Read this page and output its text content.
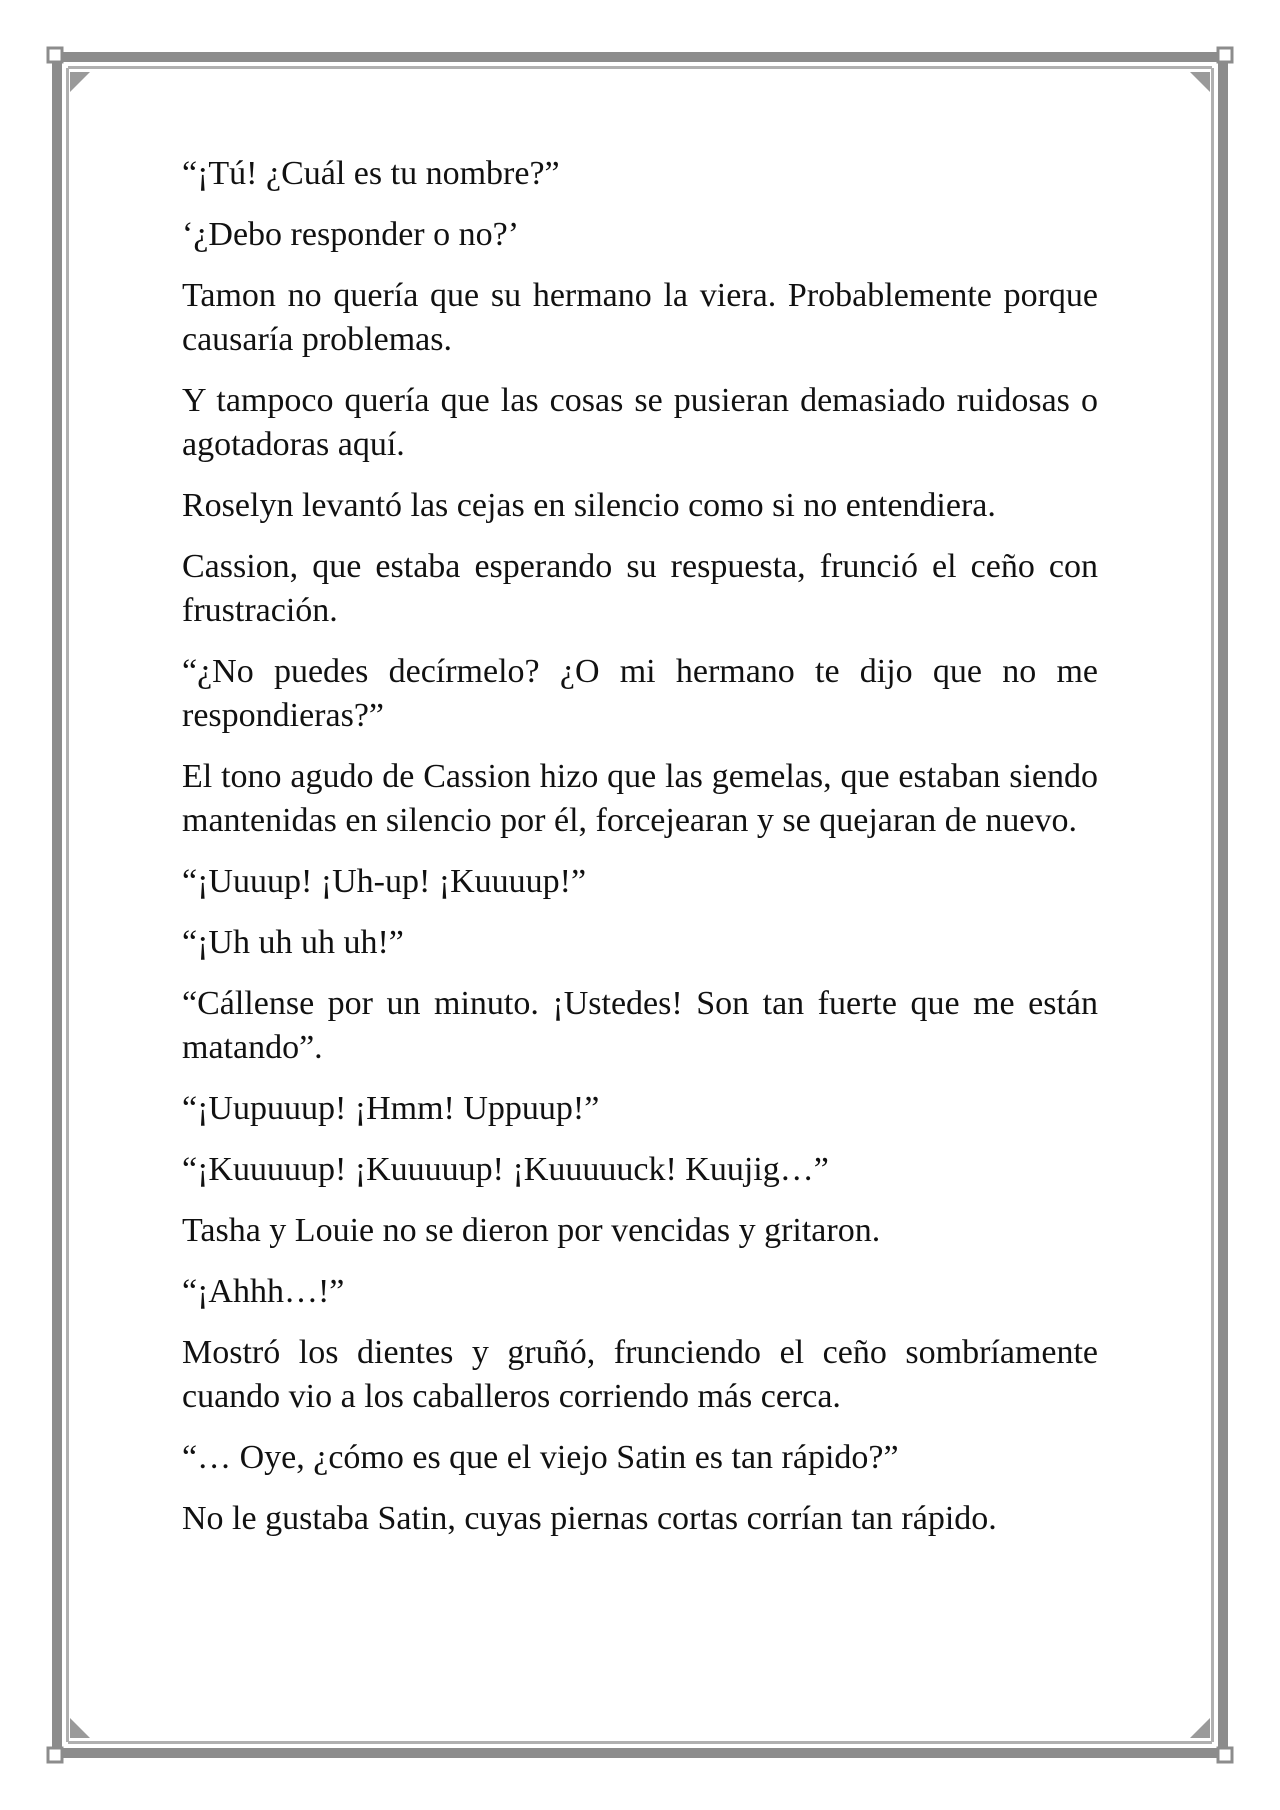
“¡Tú! ¿Cuál es tu nombre?”

‘¿Debo responder o no?’

Tamon no quería que su hermano la viera. Probablemente porque causaría problemas.

Y tampoco quería que las cosas se pusieran demasiado ruidosas o agotadoras aquí.

Roselyn levantó las cejas en silencio como si no entendiera.

Cassion, que estaba esperando su respuesta, frunció el ceño con frustración.

“¿No puedes decírmelo? ¿O mi hermano te dijo que no me respondieras?”

El tono agudo de Cassion hizo que las gemelas, que estaban siendo mantenidas en silencio por él, forcejearan y se quejaran de nuevo.

“¡Uuuup! ¡Uh-up! ¡Kuuuup!”

“¡Uh uh uh uh!”

“Cállense por un minuto. ¡Ustedes! Son tan fuerte que me están matando”.

“¡Uupuuup! ¡Hmm! Uppuup!”

“¡Kuuuuup! ¡Kuuuuup! ¡Kuuuuuck! Kuujig…”

Tasha y Louie no se dieron por vencidas y gritaron.

“¡Ahhh…!”

Mostró los dientes y gruñó, frunciendo el ceño sombríamente cuando vio a los caballeros corriendo más cerca.

“… Oye, ¿cómo es que el viejo Satin es tan rápido?”

No le gustaba Satin, cuyas piernas cortas corrían tan rápido.
